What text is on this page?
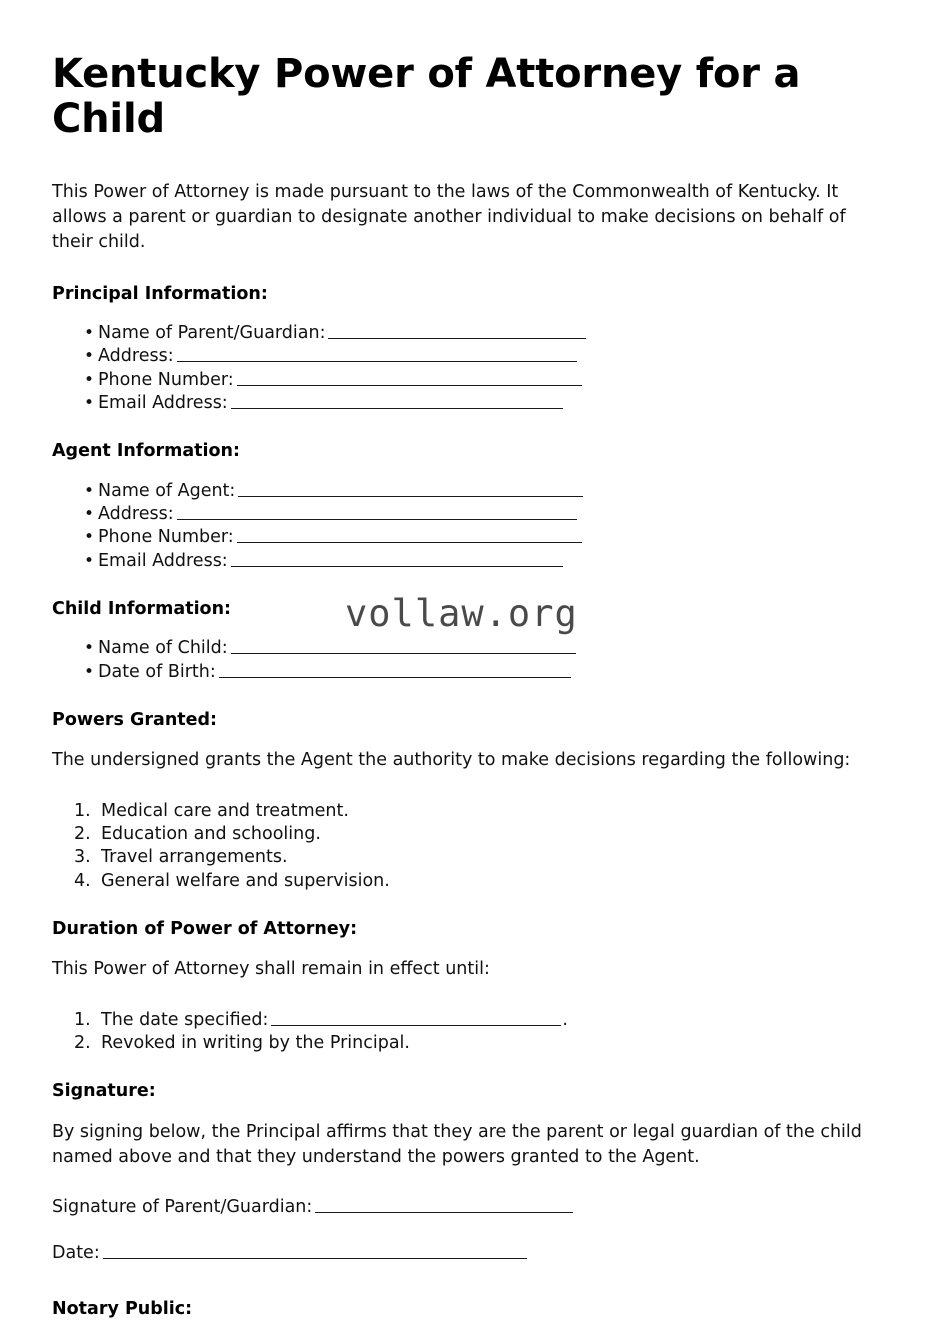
Kentucky Power of Attorney for a Child

This Power of Attorney is made pursuant to the laws of the Commonwealth of Kentucky. It allows a parent or guardian to designate another individual to make decisions on behalf of their child.

Principal Information:
• Name of Parent/Guardian:
• Address:
• Phone Number:
• Email Address:
Agent Information:
• Name of Agent:
• Address:
• Phone Number:
• Email Address:
Child Information:
• Name of Child:
• Date of Birth:
Powers Granted:

The undersigned grants the Agent the authority to make decisions regarding the following:

Medical care and treatment.
Education and schooling.
Travel arrangements.
General welfare and supervision.
Duration of Power of Attorney:

This Power of Attorney shall remain in effect until:

The date specified:	.
Revoked in writing by the Principal.
Signature:

By signing below, the Principal affirms that they are the parent or legal guardian of the child named above and that they understand the powers granted to the Agent.

Signature of Parent/Guardian:
Date:
Notary Public:
vollaw.org
